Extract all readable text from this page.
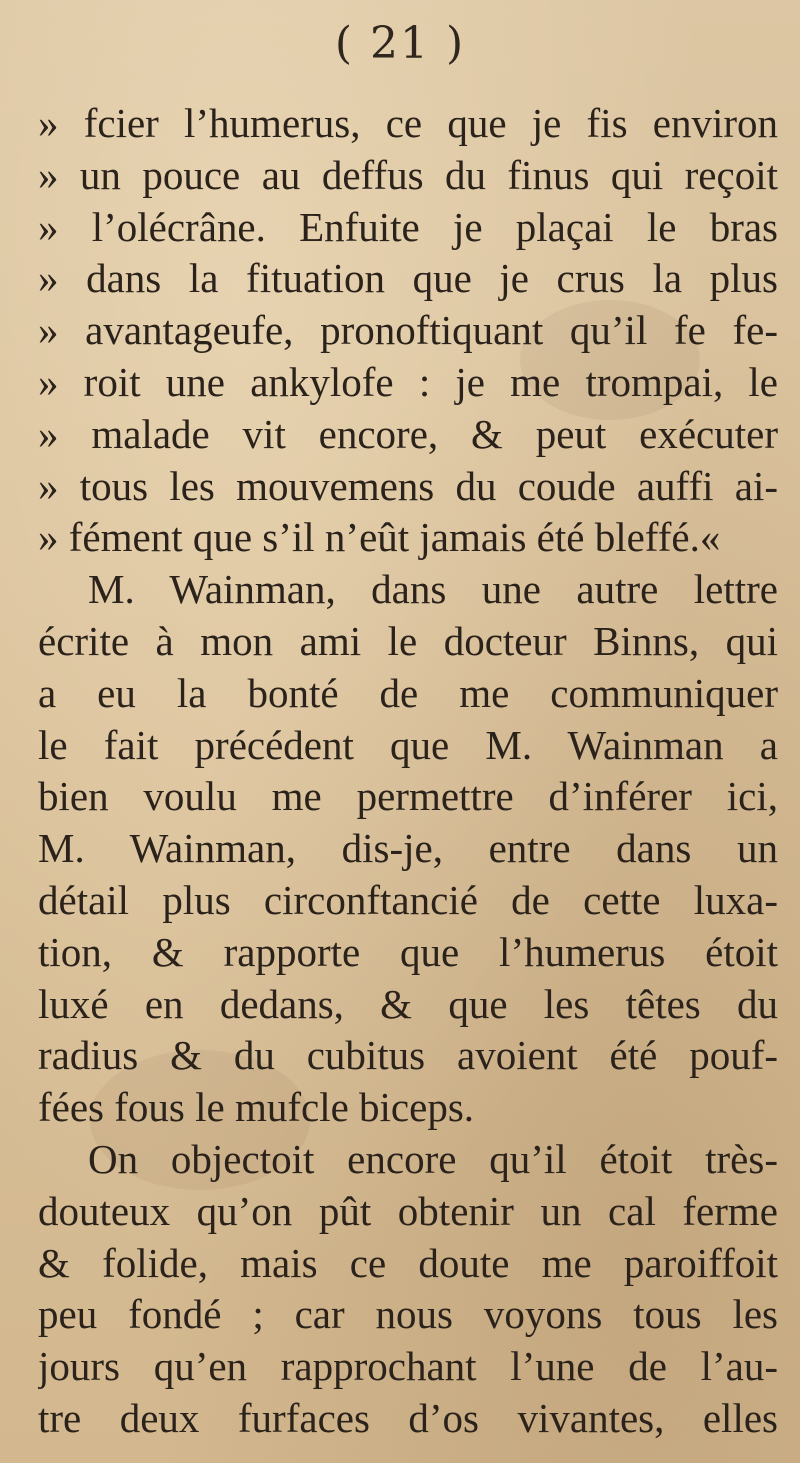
( 21 )
» fcier l’humerus, ce que je fis environ
» un pouce au deffus du finus qui reçoit
» l’olécrâne. Enfuite je plaçai le bras
» dans la fituation que je crus la plus
» avantageufe, pronoftiquant qu’il fe fe-
» roit une ankylofe : je me trompai, le
» malade vit encore, & peut exécuter
» tous les mouvemens du coude auffi ai-
» fément que s’il n’eût jamais été bleffé.«
M. Wainman, dans une autre lettre
écrite à mon ami le docteur Binns, qui
a eu la bonté de me communiquer
le fait précédent que M. Wainman a
bien voulu me permettre d’inférer ici,
M. Wainman, dis-je, entre dans un
détail plus circonftancié de cette luxa-
tion, & rapporte que l’humerus étoit
luxé en dedans, & que les têtes du
radius & du cubitus avoient été pouf-
fées fous le mufcle biceps.
On objectoit encore qu’il étoit très-
douteux qu’on pût obtenir un cal ferme
& folide, mais ce doute me paroiffoit
peu fondé ; car nous voyons tous les
jours qu’en rapprochant l’une de l’au-
tre deux furfaces d’os vivantes, elles
